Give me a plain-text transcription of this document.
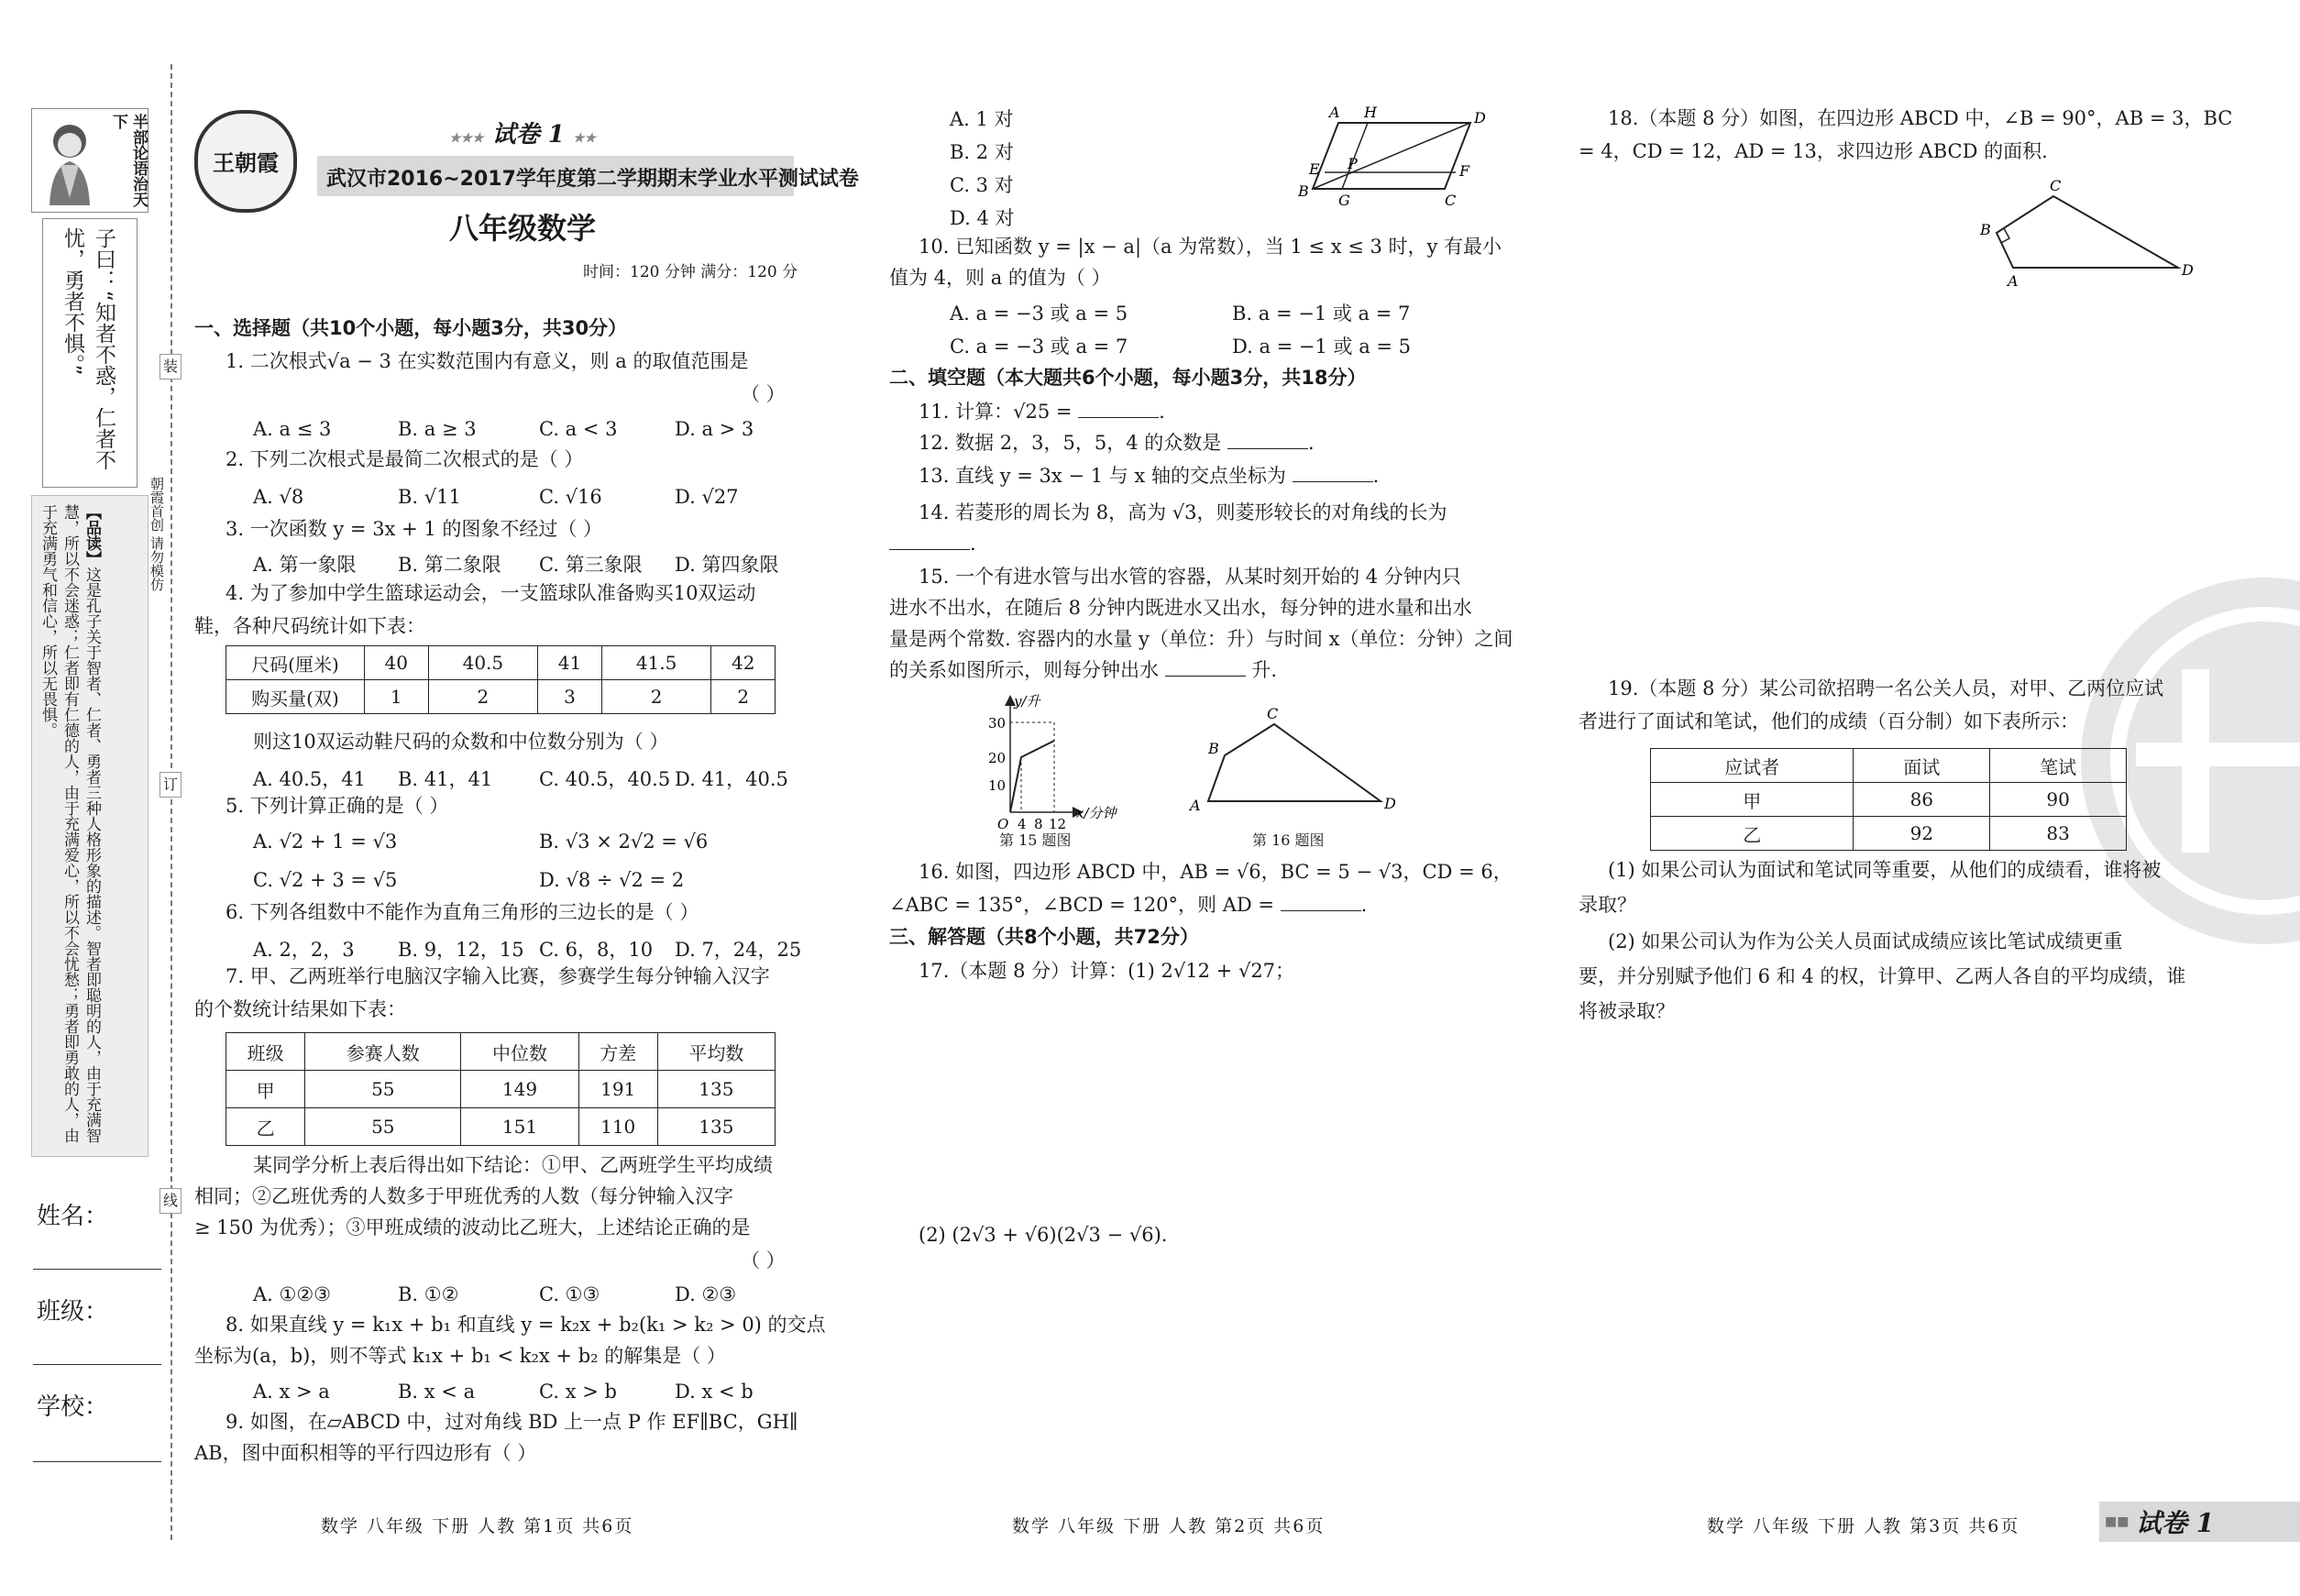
半部论语治天下
子曰：“知者不惑，仁者不忧，勇者不惧。”
【品读】这是孔子关于智者、仁者、勇者三种人格形象的描述。智者即聪明的人，由于充满智慧，所以不会迷惑；仁者即有仁德的人，由于充满爱心，所以不会忧愁；勇者即勇敢的人，由于充满勇气和信心，所以无畏惧。
姓名：
班级：
学校：
装
订
线
朝霞首创 请勿模仿
王朝霞
★★★ 试卷 1 ★★
武汉市2016~2017学年度第二学期期末学业水平测试试卷
八年级数学
时间：120 分钟 满分：120 分
一、选择题（共10个小题，每小题3分，共30分）
1. 二次根式√a − 3 在实数范围内有意义，则 a 的取值范围是
（ ）
A. a ≤ 3	B. a ≥ 3	C. a < 3	D. a > 3
2. 下列二次根式是最简二次根式的是（ ）
A. √8	B. √11	C. √16	D. √27
3. 一次函数 y = 3x + 1 的图象不经过（ ）
A. 第一象限 B. 第二象限 C. 第三象限 D. 第四象限
4. 为了参加中学生篮球运动会，一支篮球队准备购买10双运动
鞋，各种尺码统计如下表：
尺码(厘米)	40	40.5	41	41.5	42
购买量(双)	1	2	3	2	2
则这10双运动鞋尺码的众数和中位数分别为（ ）
A. 40.5，41 B. 41，41 C. 40.5，40.5 D. 41，40.5
5. 下列计算正确的是（ ）
A. √2 + 1 = √3	B. √3 × 2√2 = √6
C. √2 + 3 = √5	D. √8 ÷ √2 = 2
6. 下列各组数中不能作为直角三角形的三边长的是（ ）
A. 2，2，3 B. 9，12，15 C. 6，8，10 D. 7，24，25
7. 甲、乙两班举行电脑汉字输入比赛，参赛学生每分钟输入汉字
的个数统计结果如下表：
班级	参赛人数	中位数	方差	平均数
甲	55	149	191	135
乙	55	151	110	135
某同学分析上表后得出如下结论：①甲、乙两班学生平均成绩
相同；②乙班优秀的人数多于甲班优秀的人数（每分钟输入汉字
≥ 150 为优秀）；③甲班成绩的波动比乙班大，上述结论正确的是
（ ）
A. ①②③	B. ①②	C. ①③	D. ②③
8. 如果直线 y = k₁x + b₁ 和直线 y = k₂x + b₂(k₁ > k₂ > 0) 的交点
坐标为(a，b)，则不等式 k₁x + b₁ < k₂x + b₂ 的解集是（ ）
A. x > a	B. x < a	C. x > b	D. x < b
9. 如图，在▱ABCD 中，过对角线 BD 上一点 P 作 EF∥BC，GH∥
AB，图中面积相等的平行四边形有（ ）
A. 1 对
B. 2 对
C. 3 对
D. 4 对
A H	D
E P	F
B
G	C
10. 已知函数 y = |x − a|（a 为常数），当 1 ≤ x ≤ 3 时，y 有最小
值为 4，则 a 的值为（ ）
A. a = −3 或 a = 5	B. a = −1 或 a = 7
C. a = −3 或 a = 7	D. a = −1 或 a = 5
二、填空题（本大题共6个小题，每小题3分，共18分）
11. 计算：√25 =	.
12. 数据 2，3，5，5，4 的众数是	.
13. 直线 y = 3x − 1 与 x 轴的交点坐标为	.
14. 若菱形的周长为 8，高为 √3，则菱形较长的对角线的长为
.
15. 一个有进水管与出水管的容器，从某时刻开始的 4 分钟内只
进水不出水，在随后 8 分钟内既进水又出水，每分钟的进水量和出水
量是两个常数. 容器内的水量 y（单位：升）与时间 x（单位：分钟）之间
的关系如图所示，则每分钟出水	升.
y/升
x/分钟
30
20
10
O 4 8 12
第 15 题图
A
B
C
D
第 16 题图
16. 如图，四边形 ABCD 中，AB = √6，BC = 5 − √3，CD = 6，
∠ABC = 135°，∠BCD = 120°，则 AD =	.
三、解答题（共8个小题，共72分）
17.（本题 8 分）计算：(1) 2√12 + √27；
(2) (2√3 + √6)(2√3 − √6).
18.（本题 8 分）如图，在四边形 ABCD 中，∠B = 90°，AB = 3，BC
= 4，CD = 12，AD = 13，求四边形 ABCD 的面积.
C
B
A
D
19.（本题 8 分）某公司欲招聘一名公关人员，对甲、乙两位应试
者进行了面试和笔试，他们的成绩（百分制）如下表所示：
应试者	面试	笔试
甲	86	90
乙	92	83
(1) 如果公司认为面试和笔试同等重要，从他们的成绩看，谁将被
录取？
(2) 如果公司认为作为公关人员面试成绩应该比笔试成绩更重
要，并分别赋予他们 6 和 4 的权，计算甲、乙两人各自的平均成绩，谁
将被录取？
数学 八年级 下册 人教 第1页 共6页	数学 八年级 下册 人教 第2页 共6页	数学 八年级 下册 人教 第3页 共6页	■■ 试卷 1
